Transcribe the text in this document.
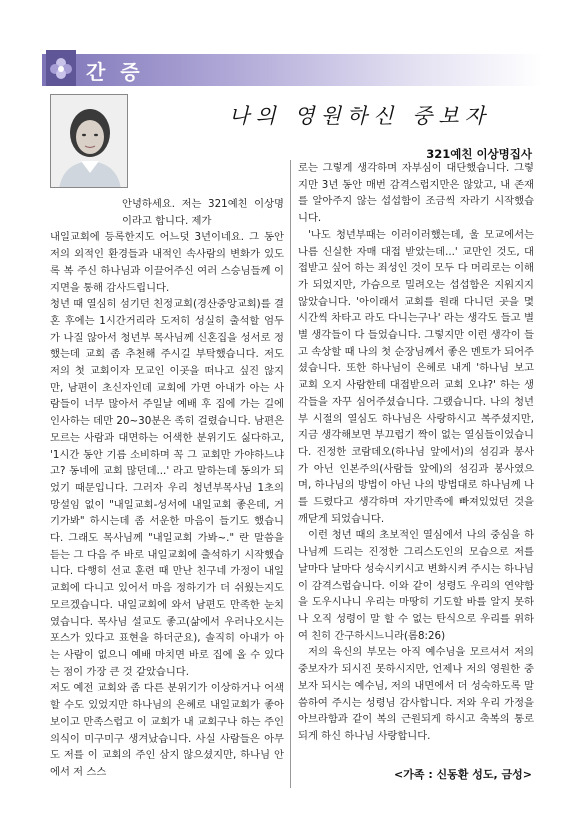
간 증
나의 영원하신 중보자
321예친 이상명집사

안녕하세요. 저는 321예친 이상명이라고 합니다. 제가

내일교회에 등록한지도 어느덧 3년이네요. 그 동안 저의 외적인 환경들과 내적인 속사람의 변화가 있도록 복 주신 하나님과 이끌어주신 여러 스승님들께 이 지면을 통해 감사드립니다.

청년 때 열심히 섬기던 친정교회(경산중앙교회)를 결혼 후에는 1시간거리라 도저히 성실히 출석할 엄두가 나질 않아서 청년부 목사님께 신혼집을 성서로 정했는데 교회 좀 추천해 주시길 부탁했습니다. 저도 저의 첫 교회이자 모교인 이곳을 떠나고 싶진 않지만, 남편이 초신자인데 교회에 가면 아내가 아는 사람들이 너무 많아서 주일날 예배 후 집에 가는 길에 인사하는 데만 20~30분은 족히 걸렸습니다. 남편은 모르는 사람과 대면하는 어색한 분위기도 싫다하고, '1시간 동안 기름 소비하며 꼭 그 교회만 가야하느냐고? 동네에 교회 많던데...' 라고 말하는데 동의가 되었기 때문입니다. 그러자 우리 청년부목사님 1초의 망설임 없이 "내일교회-성서에 내일교회 좋은데, 거기가봐" 하시는데 좀 서운한 마음이 들기도 했습니다. 그래도 목사님께 "내일교회 가봐~." 란 말씀을 듣는 그 다음 주 바로 내일교회에 출석하기 시작했습니다. 다행히 선교 훈련 때 만난 친구네 가정이 내일교회에 다니고 있어서 마음 정하기가 더 쉬웠는지도 모르겠습니다. 내일교회에 와서 남편도 만족한 눈치였습니다. 목사님 설교도 좋고(삶에서 우러나오시는 포스가 있다고 표현을 하더군요), 솔직히 아내가 아는 사람이 없으니 예배 마치면 바로 집에 올 수 있다는 점이 가장 큰 것 같았습니다.

저도 예전 교회와 좀 다른 분위기가 이상하거나 어색할 수도 있었지만 하나님의 은혜로 내일교회가 좋아 보이고 만족스럽고 이 교회가 내 교회구나 하는 주인의식이 미구미구 생겨났습니다. 사실 사람들은 아무도 저를 이 교회의 주인 삼지 않으셨지만, 하나님 안에서 저 스스

로는 그렇게 생각하며 자부심이 대단했습니다. 그렇지만 3년 동안 매번 감격스럽지만은 않았고, 내 존재를 알아주지 않는 섭섭함이 조금씩 자라기 시작했습니다.

'나도 청년부때는 이러이러했는데, 울 모교에서는 나름 신실한 자매 대접 받았는데...' 교만인 것도, 대접받고 싶어 하는 죄성인 것이 모두 다 머리로는 이해가 되었지만, 가슴으로 밀려오는 섭섭함은 지워지지 않았습니다. '아이래서 교회를 원래 다니던 곳을 몇 시간씩 차타고 라도 다니는구나' 라는 생각도 들고 별 별 생각들이 다 들었습니다. 그렇지만 이런 생각이 들고 속상할 때 나의 첫 순장님께서 좋은 멘토가 되어주셨습니다. 또한 하나님이 은혜로 내게 '하나님 보고 교회 오지 사람한테 대접받으러 교회 오냐?' 하는 생각들을 자꾸 심어주셨습니다. 그랬습니다. 나의 청년부 시절의 열심도 하나님은 사랑하시고 복주셨지만, 지금 생각해보면 부끄럽기 짝이 없는 열심들이었습니다. 진정한 코람데오(하나님 앞에서)의 섬김과 봉사가 아닌 인본주의(사람들 앞에)의 섬김과 봉사였으며, 하나님의 방법이 아닌 나의 방법대로 하나님께 나를 드렸다고 생각하며 자기만족에 빠져있었던 것을 깨닫게 되었습니다.

이런 청년 때의 초보적인 열심에서 나의 중심을 하나님께 드리는 진정한 그리스도인의 모습으로 저를 날마다 날마다 성숙시키시고 변화시켜 주시는 하나님이 감격스럽습니다. 이와 같이 성령도 우리의 연약함을 도우시나니 우리는 마땅히 기도할 바를 알지 못하나 오직 성령이 말 할 수 없는 탄식으로 우리를 위하여 친히 간구하시느니라(롬8:26)

저의 육신의 부모는 아직 예수님을 모르셔서 저의 중보자가 되시진 못하시지만, 언제나 저의 영원한 중보자 되시는 예수님, 저의 내면에서 더 성숙하도록 말씀하여 주시는 성령님 감사합니다. 저와 우리 가정을 아브라함과 같이 복의 근원되게 하시고 축복의 통로 되게 하신 하나님 사랑합니다.

<가족 : 신동환 성도, 금성>
